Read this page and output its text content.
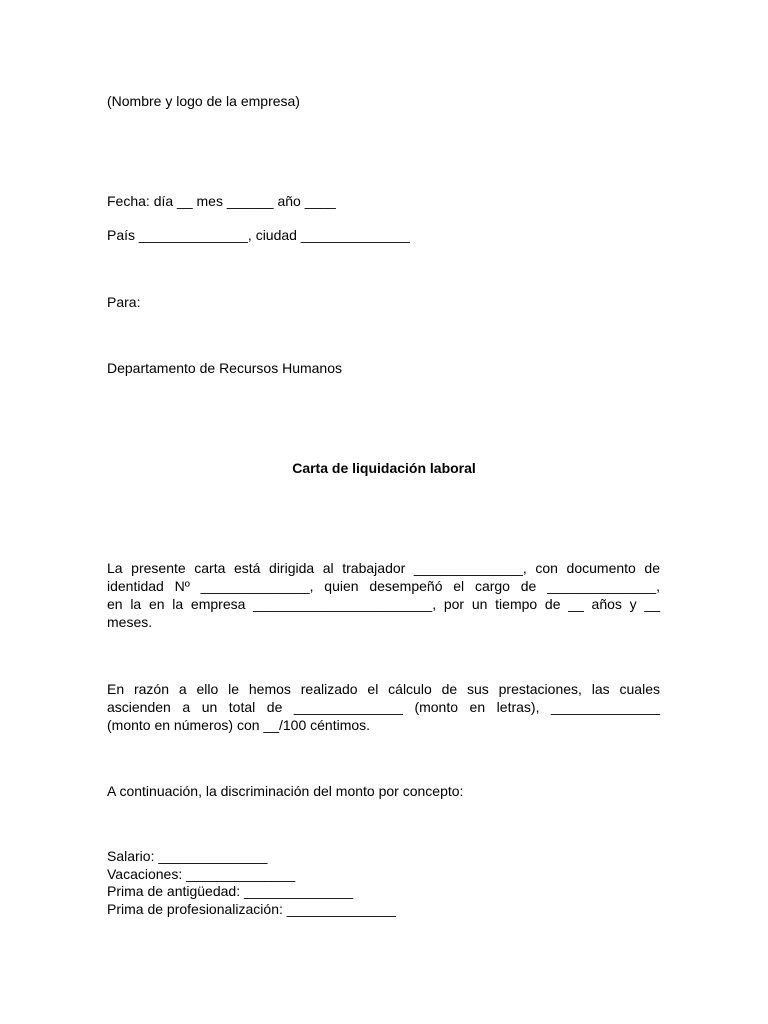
(Nombre y logo de la empresa)
Fecha: día __ mes ______ año ____
País ______________, ciudad ______________
Para:
Departamento de Recursos Humanos
Carta de liquidación laboral
La presente carta está dirigida al trabajador ______________, con documento de
identidad Nº ______________, quien desempeñó el cargo de ______________,
en la en la empresa _______________________, por un tiempo de __ años y __
meses.
En razón a ello le hemos realizado el cálculo de sus prestaciones, las cuales
ascienden a un total de ______________ (monto en letras), ______________
(monto en números) con __/100 céntimos.
A continuación, la discriminación del monto por concepto:
Salario: ______________
Vacaciones: ______________
Prima de antigüedad: ______________
Prima de profesionalización: ______________
